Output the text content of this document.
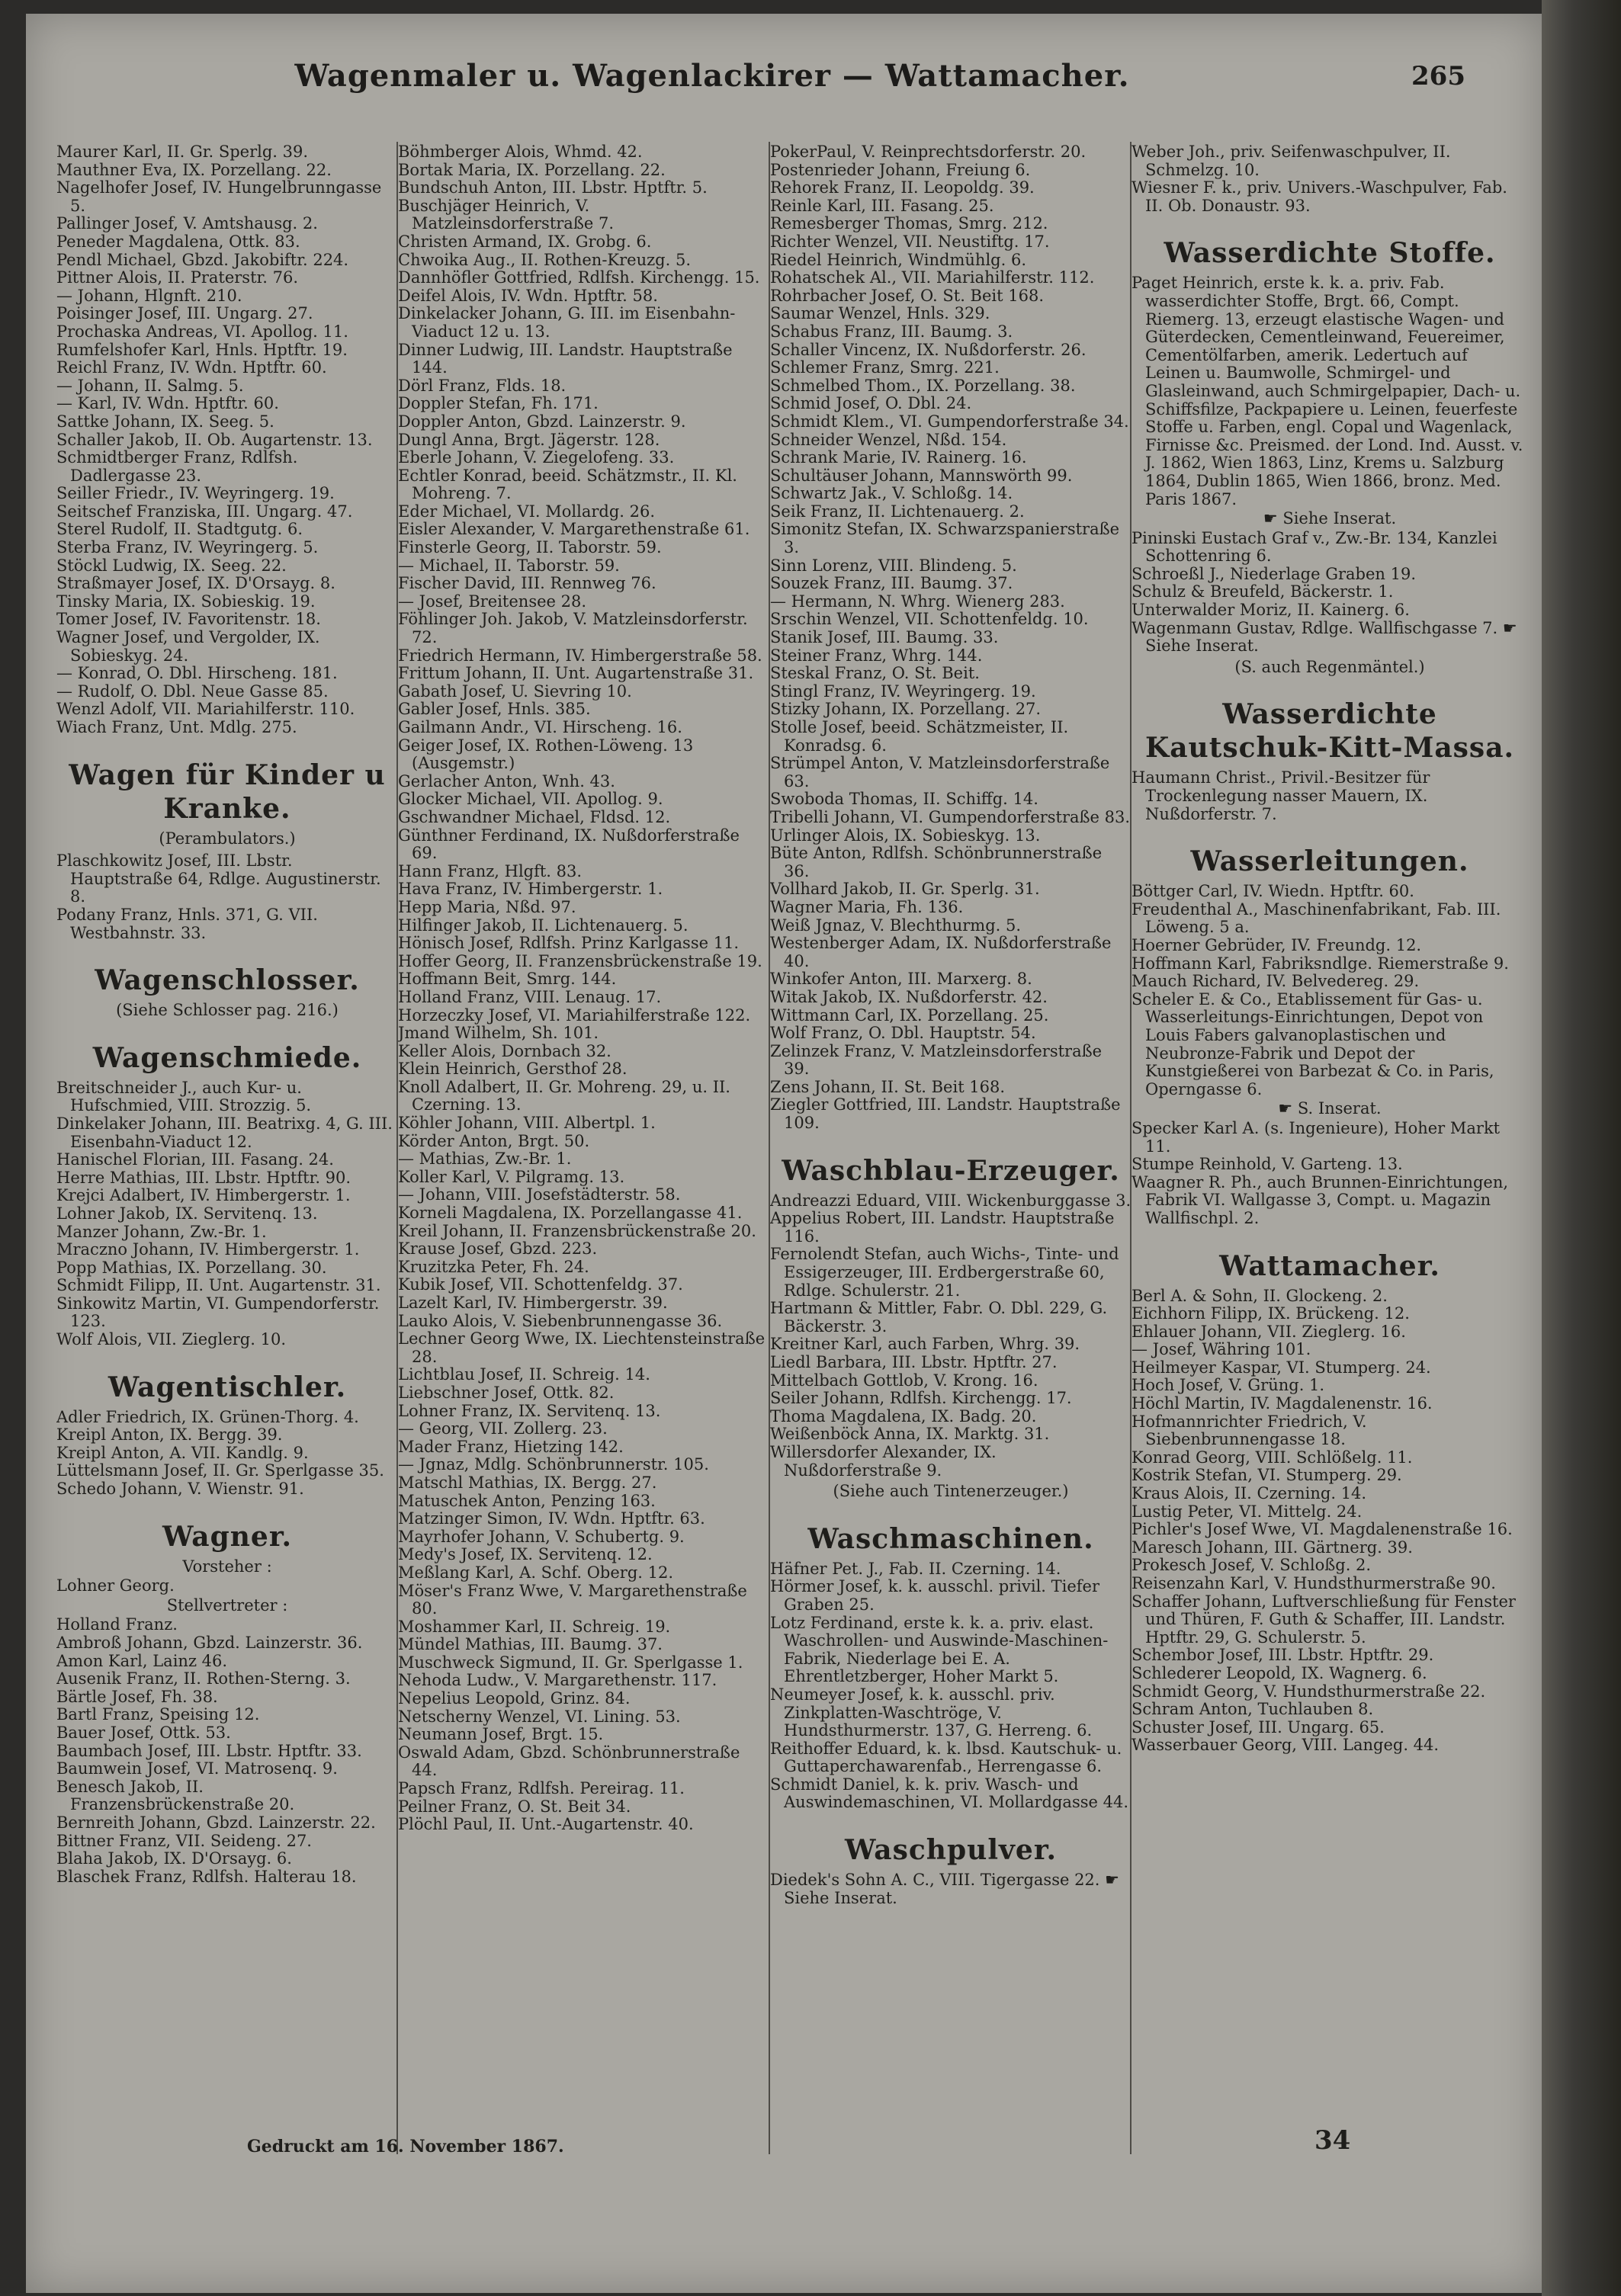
Wagenmaler u. Wagenlackirer — Wattamacher.	265
Maurer Karl, II. Gr. Sperlg. 39.
Mauthner Eva, IX. Porzellang. 22.
Nagelhofer Josef, IV. Hungelbrunngasse 5.
Pallinger Josef, V. Amtshausg. 2.
Peneder Magdalena, Ottk. 83.
Pendl Michael, Gbzd. Jakobiftr. 224.
Pittner Alois, II. Praterstr. 76.
— Johann, Hlgnft. 210.
Poisinger Josef, III. Ungarg. 27.
Prochaska Andreas, VI. Apollog. 11.
Rumfelshofer Karl, Hnls. Hptftr. 19.
Reichl Franz, IV. Wdn. Hptftr. 60.
— Johann, II. Salmg. 5.
— Karl, IV. Wdn. Hptftr. 60.
Sattke Johann, IX. Seeg. 5.
Schaller Jakob, II. Ob. Augartenstr. 13.
Schmidtberger Franz, Rdlfsh. Dadlergasse 23.
Seiller Friedr., IV. Weyringerg. 19.
Seitschef Franziska, III. Ungarg. 47.
Sterel Rudolf, II. Stadtgutg. 6.
Sterba Franz, IV. Weyringerg. 5.
Stöckl Ludwig, IX. Seeg. 22.
Straßmayer Josef, IX. D'Orsayg. 8.
Tinsky Maria, IX. Sobieskig. 19.
Tomer Josef, IV. Favoritenstr. 18.
Wagner Josef, und Vergolder, IX. Sobieskyg. 24.
— Konrad, O. Dbl. Hirscheng. 181.
— Rudolf, O. Dbl. Neue Gasse 85.
Wenzl Adolf, VII. Mariahilferstr. 110.
Wiach Franz, Unt. Mdlg. 275.
Wagen für Kinder u Kranke.
(Perambulators.)
Plaschkowitz Josef, III. Lbstr. Hauptstraße 64, Rdlge. Augustinerstr. 8.
Podany Franz, Hnls. 371, G. VII. Westbahnstr. 33.
Wagenschlosser.
(Siehe Schlosser pag. 216.)
Wagenschmiede.
Breitschneider J., auch Kur- u. Hufschmied, VIII. Strozzig. 5.
Dinkelaker Johann, III. Beatrixg. 4, G. III. Eisenbahn-Viaduct 12.
Hanischel Florian, III. Fasang. 24.
Herre Mathias, III. Lbstr. Hptftr. 90.
Krejci Adalbert, IV. Himbergerstr. 1.
Lohner Jakob, IX. Servitenq. 13.
Manzer Johann, Zw.-Br. 1.
Mraczno Johann, IV. Himbergerstr. 1.
Popp Mathias, IX. Porzellang. 30.
Schmidt Filipp, II. Unt. Augartenstr. 31.
Sinkowitz Martin, VI. Gumpendorferstr. 123.
Wolf Alois, VII. Zieglerg. 10.
Wagentischler.
Adler Friedrich, IX. Grünen-Thorg. 4.
Kreipl Anton, IX. Bergg. 39.
Kreipl Anton, A. VII. Kandlg. 9.
Lüttelsmann Josef, II. Gr. Sperlgasse 35.
Schedo Johann, V. Wienstr. 91.
Wagner.
Vorsteher :
Lohner Georg.
Stellvertreter :
Holland Franz.
Ambroß Johann, Gbzd. Lainzerstr. 36.
Amon Karl, Lainz 46.
Ausenik Franz, II. Rothen-Sterng. 3.
Bärtle Josef, Fh. 38.
Bartl Franz, Speising 12.
Bauer Josef, Ottk. 53.
Baumbach Josef, III. Lbstr. Hptftr. 33.
Baumwein Josef, VI. Matrosenq. 9.
Benesch Jakob, II. Franzensbrückenstraße 20.
Bernreith Johann, Gbzd. Lainzerstr. 22.
Bittner Franz, VII. Seideng. 27.
Blaha Jakob, IX. D'Orsayg. 6.
Blaschek Franz, Rdlfsh. Halterau 18.
Böhmberger Alois, Whmd. 42.
Bortak Maria, IX. Porzellang. 22.
Bundschuh Anton, III. Lbstr. Hptftr. 5.
Buschjäger Heinrich, V. Matzleinsdorferstraße 7.
Christen Armand, IX. Grobg. 6.
Chwoika Aug., II. Rothen-Kreuzg. 5.
Dannhöfler Gottfried, Rdlfsh. Kirchengg. 15.
Deifel Alois, IV. Wdn. Hptftr. 58.
Dinkelacker Johann, G. III. im Eisenbahn-Viaduct 12 u. 13.
Dinner Ludwig, III. Landstr. Hauptstraße 144.
Dörl Franz, Flds. 18.
Doppler Stefan, Fh. 171.
Doppler Anton, Gbzd. Lainzerstr. 9.
Dungl Anna, Brgt. Jägerstr. 128.
Eberle Johann, V. Ziegelofeng. 33.
Echtler Konrad, beeid. Schätzmstr., II. Kl. Mohreng. 7.
Eder Michael, VI. Mollardg. 26.
Eisler Alexander, V. Margarethenstraße 61.
Finsterle Georg, II. Taborstr. 59.
— Michael, II. Taborstr. 59.
Fischer David, III. Rennweg 76.
— Josef, Breitensee 28.
Föhlinger Joh. Jakob, V. Matzleinsdorferstr. 72.
Friedrich Hermann, IV. Himbergerstraße 58.
Frittum Johann, II. Unt. Augartenstraße 31.
Gabath Josef, U. Sievring 10.
Gabler Josef, Hnls. 385.
Gailmann Andr., VI. Hirscheng. 16.
Geiger Josef, IX. Rothen-Löweng. 13 (Ausgemstr.)
Gerlacher Anton, Wnh. 43.
Glocker Michael, VII. Apollog. 9.
Gschwandner Michael, Fldsd. 12.
Günthner Ferdinand, IX. Nußdorferstraße 69.
Hann Franz, Hlgft. 83.
Hava Franz, IV. Himbergerstr. 1.
Hepp Maria, Nßd. 97.
Hilfinger Jakob, II. Lichtenauerg. 5.
Hönisch Josef, Rdlfsh. Prinz Karlgasse 11.
Hoffer Georg, II. Franzensbrückenstraße 19.
Hoffmann Beit, Smrg. 144.
Holland Franz, VIII. Lenaug. 17.
Horzeczky Josef, VI. Mariahilferstraße 122.
Jmand Wilhelm, Sh. 101.
Keller Alois, Dornbach 32.
Klein Heinrich, Gersthof 28.
Knoll Adalbert, II. Gr. Mohreng. 29, u. II. Czerning. 13.
Köhler Johann, VIII. Albertpl. 1.
Körder Anton, Brgt. 50.
— Mathias, Zw.-Br. 1.
Koller Karl, V. Pilgramg. 13.
— Johann, VIII. Josefstädterstr. 58.
Korneli Magdalena, IX. Porzellangasse 41.
Kreil Johann, II. Franzensbrückenstraße 20.
Krause Josef, Gbzd. 223.
Kruzitzka Peter, Fh. 24.
Kubik Josef, VII. Schottenfeldg. 37.
Lazelt Karl, IV. Himbergerstr. 39.
Lauko Alois, V. Siebenbrunnengasse 36.
Lechner Georg Wwe, IX. Liechtensteinstraße 28.
Lichtblau Josef, II. Schreig. 14.
Liebschner Josef, Ottk. 82.
Lohner Franz, IX. Servitenq. 13.
— Georg, VII. Zollerg. 23.
Mader Franz, Hietzing 142.
— Jgnaz, Mdlg. Schönbrunnerstr. 105.
Matschl Mathias, IX. Bergg. 27.
Matuschek Anton, Penzing 163.
Matzinger Simon, IV. Wdn. Hptftr. 63.
Mayrhofer Johann, V. Schubertg. 9.
Medy's Josef, IX. Servitenq. 12.
Meßlang Karl, A. Schf. Oberg. 12.
Möser's Franz Wwe, V. Margarethenstraße 80.
Moshammer Karl, II. Schreig. 19.
Mündel Mathias, III. Baumg. 37.
Muschweck Sigmund, II. Gr. Sperlgasse 1.
Nehoda Ludw., V. Margarethenstr. 117.
Nepelius Leopold, Grinz. 84.
Netscherny Wenzel, VI. Lining. 53.
Neumann Josef, Brgt. 15.
Oswald Adam, Gbzd. Schönbrunnerstraße 44.
Papsch Franz, Rdlfsh. Pereirag. 11.
Peilner Franz, O. St. Beit 34.
Plöchl Paul, II. Unt.-Augartenstr. 40.
PokerPaul, V. Reinprechtsdorferstr. 20.
Postenrieder Johann, Freiung 6.
Rehorek Franz, II. Leopoldg. 39.
Reinle Karl, III. Fasang. 25.
Remesberger Thomas, Smrg. 212.
Richter Wenzel, VII. Neustiftg. 17.
Riedel Heinrich, Windmühlg. 6.
Rohatschek Al., VII. Mariahilferstr. 112.
Rohrbacher Josef, O. St. Beit 168.
Saumar Wenzel, Hnls. 329.
Schabus Franz, III. Baumg. 3.
Schaller Vincenz, IX. Nußdorferstr. 26.
Schlemer Franz, Smrg. 221.
Schmelbed Thom., IX. Porzellang. 38.
Schmid Josef, O. Dbl. 24.
Schmidt Klem., VI. Gumpendorferstraße 34.
Schneider Wenzel, Nßd. 154.
Schrank Marie, IV. Rainerg. 16.
Schultäuser Johann, Mannswörth 99.
Schwartz Jak., V. Schloßg. 14.
Seik Franz, II. Lichtenauerg. 2.
Simonitz Stefan, IX. Schwarzspanierstraße 3.
Sinn Lorenz, VIII. Blindeng. 5.
Souzek Franz, III. Baumg. 37.
— Hermann, N. Whrg. Wienerg 283.
Srschin Wenzel, VII. Schottenfeldg. 10.
Stanik Josef, III. Baumg. 33.
Steiner Franz, Whrg. 144.
Steskal Franz, O. St. Beit.
Stingl Franz, IV. Weyringerg. 19.
Stizky Johann, IX. Porzellang. 27.
Stolle Josef, beeid. Schätzmeister, II. Konradsg. 6.
Strümpel Anton, V. Matzleinsdorferstraße 63.
Swoboda Thomas, II. Schiffg. 14.
Tribelli Johann, VI. Gumpendorferstraße 83.
Urlinger Alois, IX. Sobieskyg. 13.
Büte Anton, Rdlfsh. Schönbrunnerstraße 36.
Vollhard Jakob, II. Gr. Sperlg. 31.
Wagner Maria, Fh. 136.
Weiß Jgnaz, V. Blechthurmg. 5.
Westenberger Adam, IX. Nußdorferstraße 40.
Winkofer Anton, III. Marxerg. 8.
Witak Jakob, IX. Nußdorferstr. 42.
Wittmann Carl, IX. Porzellang. 25.
Wolf Franz, O. Dbl. Hauptstr. 54.
Zelinzek Franz, V. Matzleinsdorferstraße 39.
Zens Johann, II. St. Beit 168.
Ziegler Gottfried, III. Landstr. Hauptstraße 109.
Waschblau-Erzeuger.
Andreazzi Eduard, VIII. Wickenburggasse 3.
Appelius Robert, III. Landstr. Hauptstraße 116.
Fernolendt Stefan, auch Wichs-, Tinte- und Essigerzeuger, III. Erdbergerstraße 60, Rdlge. Schulerstr. 21.
Hartmann & Mittler, Fabr. O. Dbl. 229, G. Bäckerstr. 3.
Kreitner Karl, auch Farben, Whrg. 39.
Liedl Barbara, III. Lbstr. Hptftr. 27.
Mittelbach Gottlob, V. Krong. 16.
Seiler Johann, Rdlfsh. Kirchengg. 17.
Thoma Magdalena, IX. Badg. 20.
Weißenböck Anna, IX. Marktg. 31.
Willersdorfer Alexander, IX. Nußdorferstraße 9.
(Siehe auch Tintenerzeuger.)
Waschmaschinen.
Häfner Pet. J., Fab. II. Czerning. 14.
Hörmer Josef, k. k. ausschl. privil. Tiefer Graben 25.
Lotz Ferdinand, erste k. k. a. priv. elast. Waschrollen- und Auswinde-Maschinen-Fabrik, Niederlage bei E. A. Ehrentletzberger, Hoher Markt 5.
Neumeyer Josef, k. k. ausschl. priv. Zinkplatten-Waschtröge, V. Hundsthurmerstr. 137, G. Herreng. 6.
Reithoffer Eduard, k. k. lbsd. Kautschuk- u. Guttaperchawarenfab., Herrengasse 6.
Schmidt Daniel, k. k. priv. Wasch- und Auswindemaschinen, VI. Mollardgasse 44.
Waschpulver.
Diedek's Sohn A. C., VIII. Tigergasse 22. ☛ Siehe Inserat.
Weber Joh., priv. Seifenwaschpulver, II. Schmelzg. 10.
Wiesner F. k., priv. Univers.-Waschpulver, Fab. II. Ob. Donaustr. 93.
Wasserdichte Stoffe.
Paget Heinrich, erste k. k. a. priv. Fab. wasserdichter Stoffe, Brgt. 66, Compt. Riemerg. 13, erzeugt elastische Wagen- und Güterdecken, Cementleinwand, Feuereimer, Cementölfarben, amerik. Ledertuch auf Leinen u. Baumwolle, Schmirgel- und Glasleinwand, auch Schmirgelpapier, Dach- u. Schiffsfilze, Packpapiere u. Leinen, feuerfeste Stoffe u. Farben, engl. Copal und Wagenlack, Firnisse &c. Preismed. der Lond. Ind. Ausst. v. J. 1862, Wien 1863, Linz, Krems u. Salzburg 1864, Dublin 1865, Wien 1866, bronz. Med. Paris 1867.
☛ Siehe Inserat.
Pininski Eustach Graf v., Zw.-Br. 134, Kanzlei Schottenring 6.
Schroeßl J., Niederlage Graben 19.
Schulz & Breufeld, Bäckerstr. 1.
Unterwalder Moriz, II. Kainerg. 6.
Wagenmann Gustav, Rdlge. Wallfischgasse 7. ☛ Siehe Inserat.
(S. auch Regenmäntel.)
Wasserdichte Kautschuk-Kitt-Massa.
Haumann Christ., Privil.-Besitzer für Trockenlegung nasser Mauern, IX. Nußdorferstr. 7.
Wasserleitungen.
Böttger Carl, IV. Wiedn. Hptftr. 60.
Freudenthal A., Maschinenfabrikant, Fab. III. Löweng. 5 a.
Hoerner Gebrüder, IV. Freundg. 12.
Hoffmann Karl, Fabriksndlge. Riemerstraße 9.
Mauch Richard, IV. Belvedereg. 29.
Scheler E. & Co., Etablissement für Gas- u. Wasserleitungs-Einrichtungen, Depot von Louis Fabers galvanoplastischen und Neubronze-Fabrik und Depot der Kunstgießerei von Barbezat & Co. in Paris, Operngasse 6.
☛ S. Inserat.
Specker Karl A. (s. Ingenieure), Hoher Markt 11.
Stumpe Reinhold, V. Garteng. 13.
Waagner R. Ph., auch Brunnen-Einrichtungen, Fabrik VI. Wallgasse 3, Compt. u. Magazin Wallfischpl. 2.
Wattamacher.
Berl A. & Sohn, II. Glockeng. 2.
Eichhorn Filipp, IX. Brückeng. 12.
Ehlauer Johann, VII. Zieglerg. 16.
— Josef, Währing 101.
Heilmeyer Kaspar, VI. Stumperg. 24.
Hoch Josef, V. Grüng. 1.
Höchl Martin, IV. Magdalenenstr. 16.
Hofmannrichter Friedrich, V. Siebenbrunnengasse 18.
Konrad Georg, VIII. Schlößelg. 11.
Kostrik Stefan, VI. Stumperg. 29.
Kraus Alois, II. Czerning. 14.
Lustig Peter, VI. Mittelg. 24.
Pichler's Josef Wwe, VI. Magdalenenstraße 16.
Maresch Johann, III. Gärtnerg. 39.
Prokesch Josef, V. Schloßg. 2.
Reisenzahn Karl, V. Hundsthurmerstraße 90.
Schaffer Johann, Luftverschließung für Fenster und Thüren, F. Guth & Schaffer, III. Landstr. Hptftr. 29, G. Schulerstr. 5.
Schembor Josef, III. Lbstr. Hptftr. 29.
Schlederer Leopold, IX. Wagnerg. 6.
Schmidt Georg, V. Hundsthurmerstraße 22.
Schram Anton, Tuchlauben 8.
Schuster Josef, III. Ungarg. 65.
Wasserbauer Georg, VIII. Langeg. 44.
Gedruckt am 16. November 1867.	34
